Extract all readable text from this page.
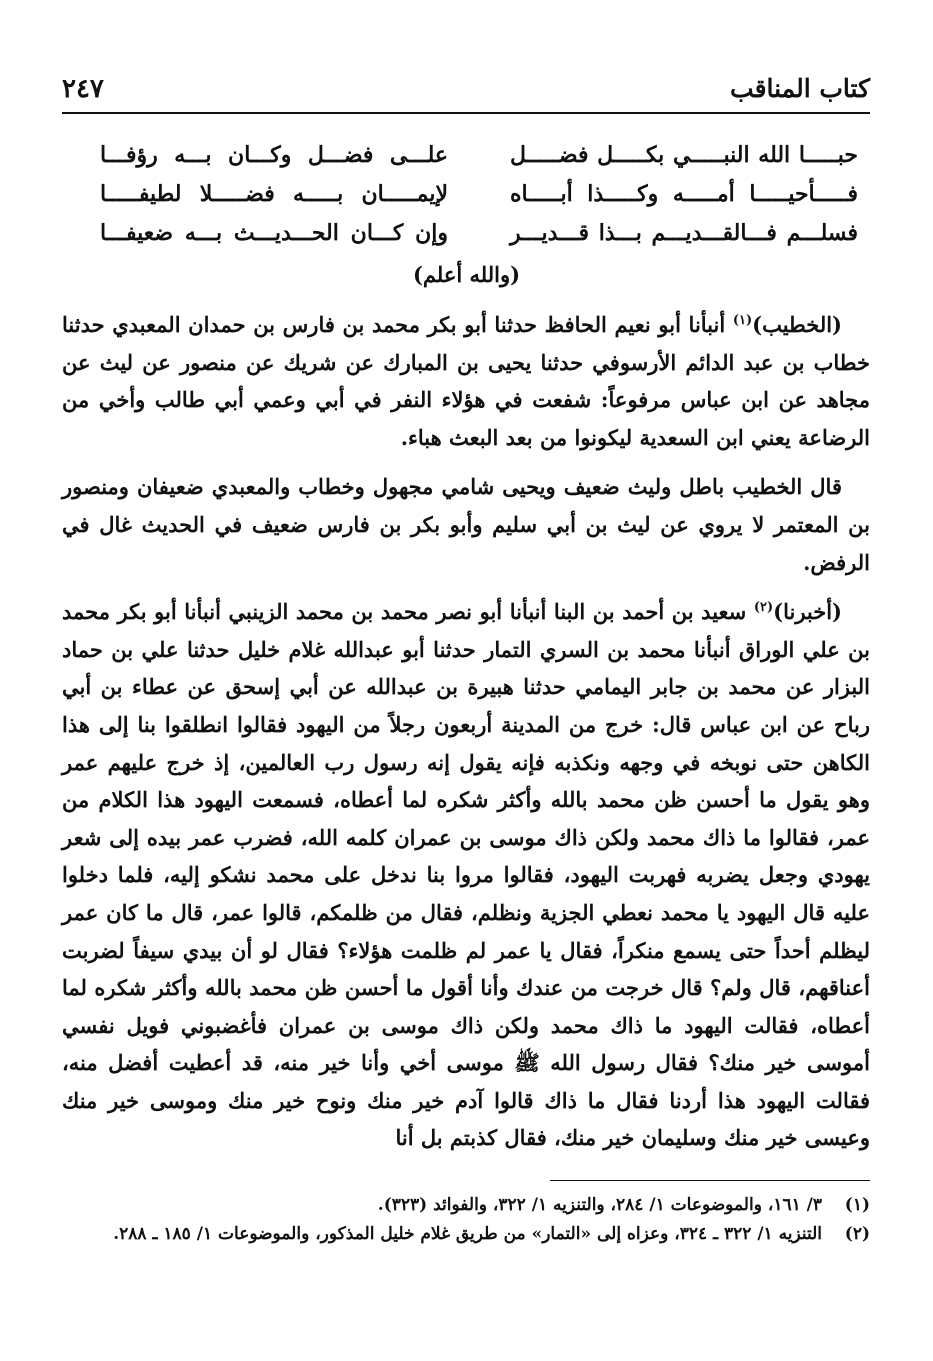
كتاب المناقب
٢٤٧
حبـــــا الله النبـــــي بكـــــل فضـــــل
علـــى فضـــل وكـــان بـــه رؤفـــا
فـــــأحيـــــا أمـــــه وكـــــذا أبـــــاه
لإيمـــــان بـــــه فضـــــلا لطيفـــــا
فسلـــم فـــالقـــديـــم بـــذا قـــديـــر
وإن كـــان الحـــديـــث بـــه ضعيفـــا
(والله أعلم)

(الخطيب)$^{(١)}$ أنبأنا أبو نعيم الحافظ حدثنا أبو بكر محمد بن فارس بن حمدان المعبدي حدثنا خطاب بن عبد الدائم الأرسوفي حدثنا يحيى بن المبارك عن شريك عن منصور عن ليث عن مجاهد عن ابن عباس مرفوعاً: شفعت في هؤلاء النفر في أبي وعمي أبي طالب وأخي من الرضاعة يعني ابن السعدية ليكونوا من بعد البعث هباء.

قال الخطيب باطل وليث ضعيف ويحيى شامي مجهول وخطاب والمعبدي ضعيفان ومنصور بن المعتمر لا يروي عن ليث بن أبي سليم وأبو بكر بن فارس ضعيف في الحديث غال في الرفض.

(أخبرنا)$^{(٢)}$ سعيد بن أحمد بن البنا أنبأنا أبو نصر محمد بن محمد الزينبي أنبأنا أبو بكر محمد بن علي الوراق أنبأنا محمد بن السري التمار حدثنا أبو عبدالله غلام خليل حدثنا علي بن حماد البزار عن محمد بن جابر اليمامي حدثنا هبيرة بن عبدالله عن أبي إسحق عن عطاء بن أبي رباح عن ابن عباس قال: خرج من المدينة أربعون رجلاً من اليهود فقالوا انطلقوا بنا إلى هذا الكاهن حتى نوبخه في وجهه ونكذبه فإنه يقول إنه رسول رب العالمين، إذ خرج عليهم عمر وهو يقول ما أحسن ظن محمد بالله وأكثر شكره لما أعطاه، فسمعت اليهود هذا الكلام من عمر، فقالوا ما ذاك محمد ولكن ذاك موسى بن عمران كلمه الله، فضرب عمر بيده إلى شعر يهودي وجعل يضربه فهربت اليهود، فقالوا مروا بنا ندخل على محمد نشكو إليه، فلما دخلوا عليه قال اليهود يا محمد نعطي الجزية ونظلم، فقال من ظلمكم، قالوا عمر، قال ما كان عمر ليظلم أحداً حتى يسمع منكراً، فقال يا عمر لم ظلمت هؤلاء؟ فقال لو أن بيدي سيفاً لضربت أعناقهم، قال ولم؟ قال خرجت من عندك وأنا أقول ما أحسن ظن محمد بالله وأكثر شكره لما أعطاه، فقالت اليهود ما ذاك محمد ولكن ذاك موسى بن عمران فأغضبوني فويل نفسي أموسى خير منك؟ فقال رسول الله ﷺ موسى أخي وأنا خير منه، قد أعطيت أفضل منه، فقالت اليهود هذا أردنا فقال ما ذاك قالوا آدم خير منك ونوح خير منك وموسى خير منك وعيسى خير منك وسليمان خير منك، فقال كذبتم بل أنا

(١)
٣/ ١٦١، والموضوعات ١/ ٢٨٤، والتنزيه ١/ ٣٢٢، والفوائد (٣٢٣).
(٢)
التنزيه ١/ ٣٢٢ ـ ٣٢٤، وعزاه إلى «التمار» من طريق غلام خليل المذكور، والموضوعات ١/ ١٨٥ ـ ٢٨٨.
